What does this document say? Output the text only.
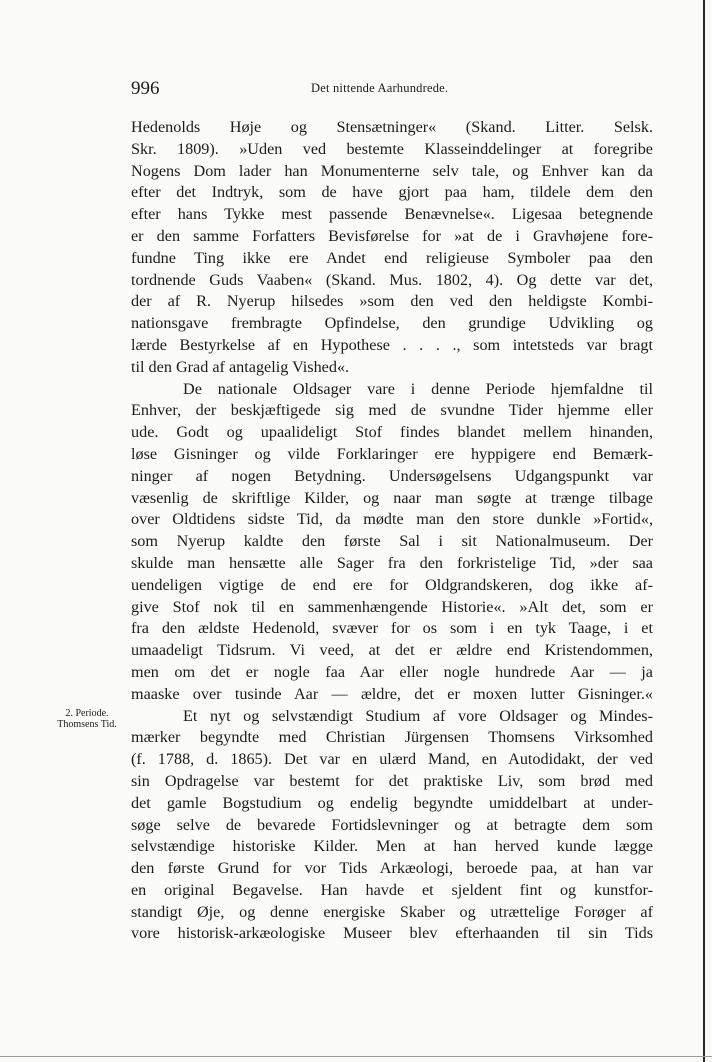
996	Det nittende Aarhundrede.
2. Periode.
Thomsens Tid.
Hedenolds Høje og Stensætninger« (Skand. Litter. Selsk.
Skr. 1809). »Uden ved bestemte Klasseinddelinger at foregribe
Nogens Dom lader han Monumenterne selv tale, og Enhver kan da
efter det Indtryk, som de have gjort paa ham, tildele dem den
efter hans Tykke mest passende Benævnelse«. Ligesaa betegnende
er den samme Forfatters Bevisførelse for »at de i Gravhøjene fore-
fundne Ting ikke ere Andet end religieuse Symboler paa den
tordnende Guds Vaaben« (Skand. Mus. 1802, 4). Og dette var det,
der af R. Nyerup hilsedes »som den ved den heldigste Kombi-
nationsgave frembragte Opfindelse, den grundige Udvikling og
lærde Bestyrkelse af en Hypothese . . . ., som intetsteds var bragt
til den Grad af antagelig Vished«.
De nationale Oldsager vare i denne Periode hjemfaldne til
Enhver, der beskjæftigede sig med de svundne Tider hjemme eller
ude. Godt og upaalideligt Stof findes blandet mellem hinanden,
løse Gisninger og vilde Forklaringer ere hyppigere end Bemærk-
ninger af nogen Betydning. Undersøgelsens Udgangspunkt var
væsenlig de skriftlige Kilder, og naar man søgte at trænge tilbage
over Oldtidens sidste Tid, da mødte man den store dunkle »Fortid«,
som Nyerup kaldte den første Sal i sit Nationalmuseum. Der
skulde man hensætte alle Sager fra den forkristelige Tid, »der saa
uendeligen vigtige de end ere for Oldgrandskeren, dog ikke af-
give Stof nok til en sammenhængende Historie«. »Alt det, som er
fra den ældste Hedenold, svæver for os som i en tyk Taage, i et
umaadeligt Tidsrum. Vi veed, at det er ældre end Kristendommen,
men om det er nogle faa Aar eller nogle hundrede Aar — ja
maaske over tusinde Aar — ældre, det er moxen lutter Gisninger.«
Et nyt og selvstændigt Studium af vore Oldsager og Mindes-
mærker begyndte med Christian Jürgensen Thomsens Virksomhed
(f. 1788, d. 1865). Det var en ulærd Mand, en Autodidakt, der ved
sin Opdragelse var bestemt for det praktiske Liv, som brød med
det gamle Bogstudium og endelig begyndte umiddelbart at under-
søge selve de bevarede Fortidslevninger og at betragte dem som
selvstændige historiske Kilder. Men at han herved kunde lægge
den første Grund for vor Tids Arkæologi, beroede paa, at han var
en original Begavelse. Han havde et sjeldent fint og kunstfor-
standigt Øje, og denne energiske Skaber og utrættelige Forøger af
vore historisk-arkæologiske Museer blev efterhaanden til sin Tids
